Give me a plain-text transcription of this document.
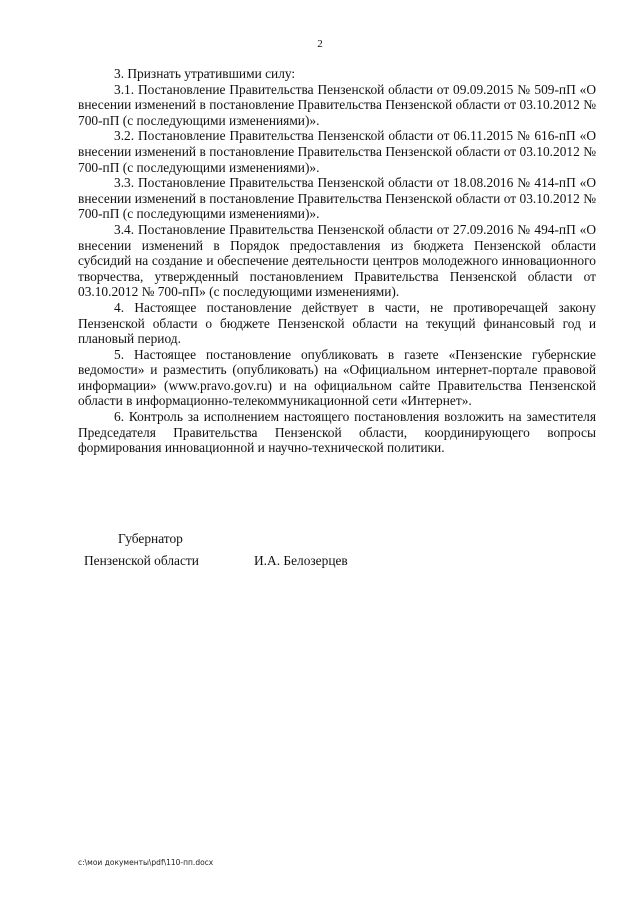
2

3. Признать утратившими силу:

3.1. Постановление Правительства Пензенской области от 09.09.2015 № 509-пП «О внесении изменений в постановление Правительства Пензенской области от 03.10.2012 № 700-пП (с последующими изменениями)».

3.2. Постановление Правительства Пензенской области от 06.11.2015 № 616-пП «О внесении изменений в постановление Правительства Пензенской области от 03.10.2012 № 700-пП (с последующими изменениями)».

3.3. Постановление Правительства Пензенской области от 18.08.2016 № 414-пП «О внесении изменений в постановление Правительства Пензенской области от 03.10.2012 № 700-пП (с последующими изменениями)».

3.4. Постановление Правительства Пензенской области от 27.09.2016 № 494-пП «О внесении изменений в Порядок предоставления из бюджета Пензенской области субсидий на создание и обеспечение деятельности центров молодежного инновационного творчества, утвержденный постановлением Правительства Пензенской области от 03.10.2012 № 700-пП» (с последующими изменениями).

4. Настоящее постановление действует в части, не противоречащей закону Пензенской области о бюджете Пензенской области на текущий финансовый год и плановый период.

5. Настоящее постановление опубликовать в газете «Пензенские губернские ведомости» и разместить (опубликовать) на «Официальном интернет-портале правовой информации» (www.pravo.gov.ru) и на официальном сайте Правительства Пензенской области в информационно-телекоммуникационной сети «Интернет».

6. Контроль за исполнением настоящего постановления возложить на заместителя Председателя Правительства Пензенской области, координирующего вопросы формирования инновационной и научно-технической политики.

Губернатор
Пензенской области	И.А. Белозерцев
c:\мои документы\pdf\110-пп.docx
